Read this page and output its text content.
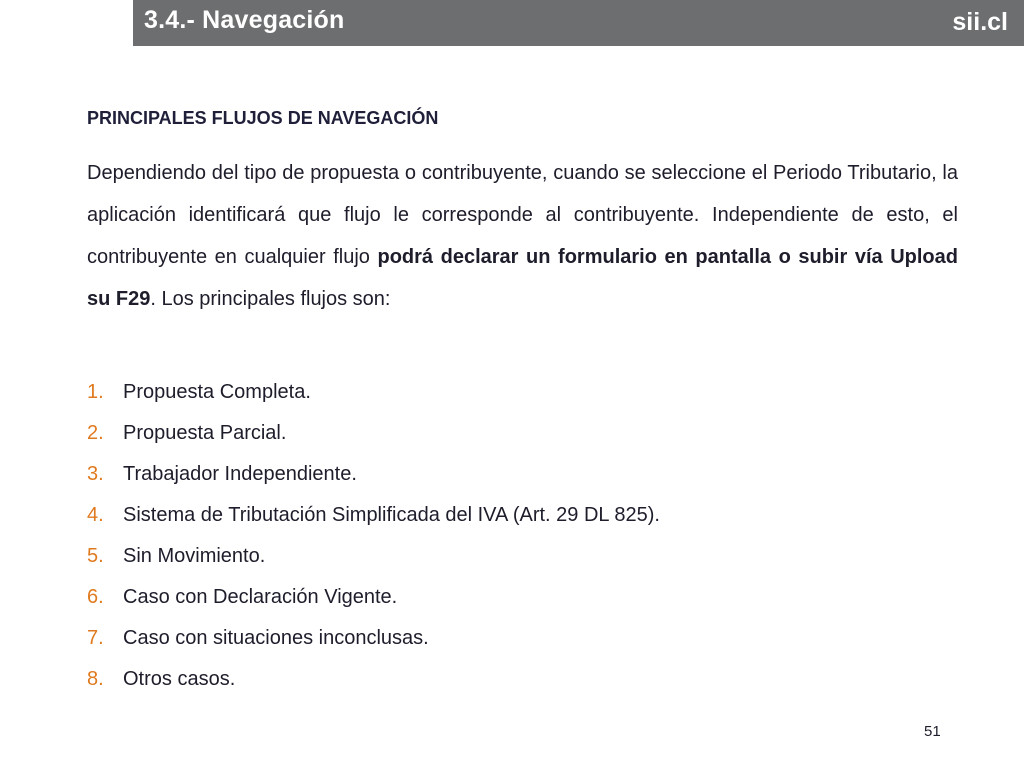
3.4.- Navegación	sii.cl
PRINCIPALES FLUJOS DE NAVEGACIÓN

Dependiendo del tipo de propuesta o contribuyente, cuando se seleccione el Periodo Tributario, la aplicación identificará que flujo le corresponde al contribuyente. Independiente de esto, el contribuyente en cualquier flujo podrá declarar un formulario en pantalla o subir vía Upload su F29. Los principales flujos son:

1. Propuesta Completa.
2. Propuesta Parcial.
3. Trabajador Independiente.
4. Sistema de Tributación Simplificada del IVA (Art. 29 DL 825).
5. Sin Movimiento.
6. Caso con Declaración Vigente.
7. Caso con situaciones inconclusas.
8. Otros casos.
51
